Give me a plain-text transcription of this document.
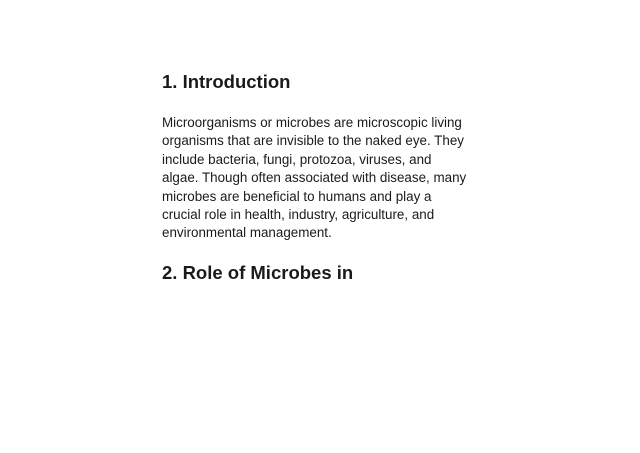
1. Introduction

Microorganisms or microbes are microscopic living
organisms that are invisible to the naked eye. They
include bacteria, fungi, protozoa, viruses, and
algae. Though often associated with disease, many
microbes are beneficial to humans and play a
crucial role in health, industry, agriculture, and
environmental management.

2. Role of Microbes in
